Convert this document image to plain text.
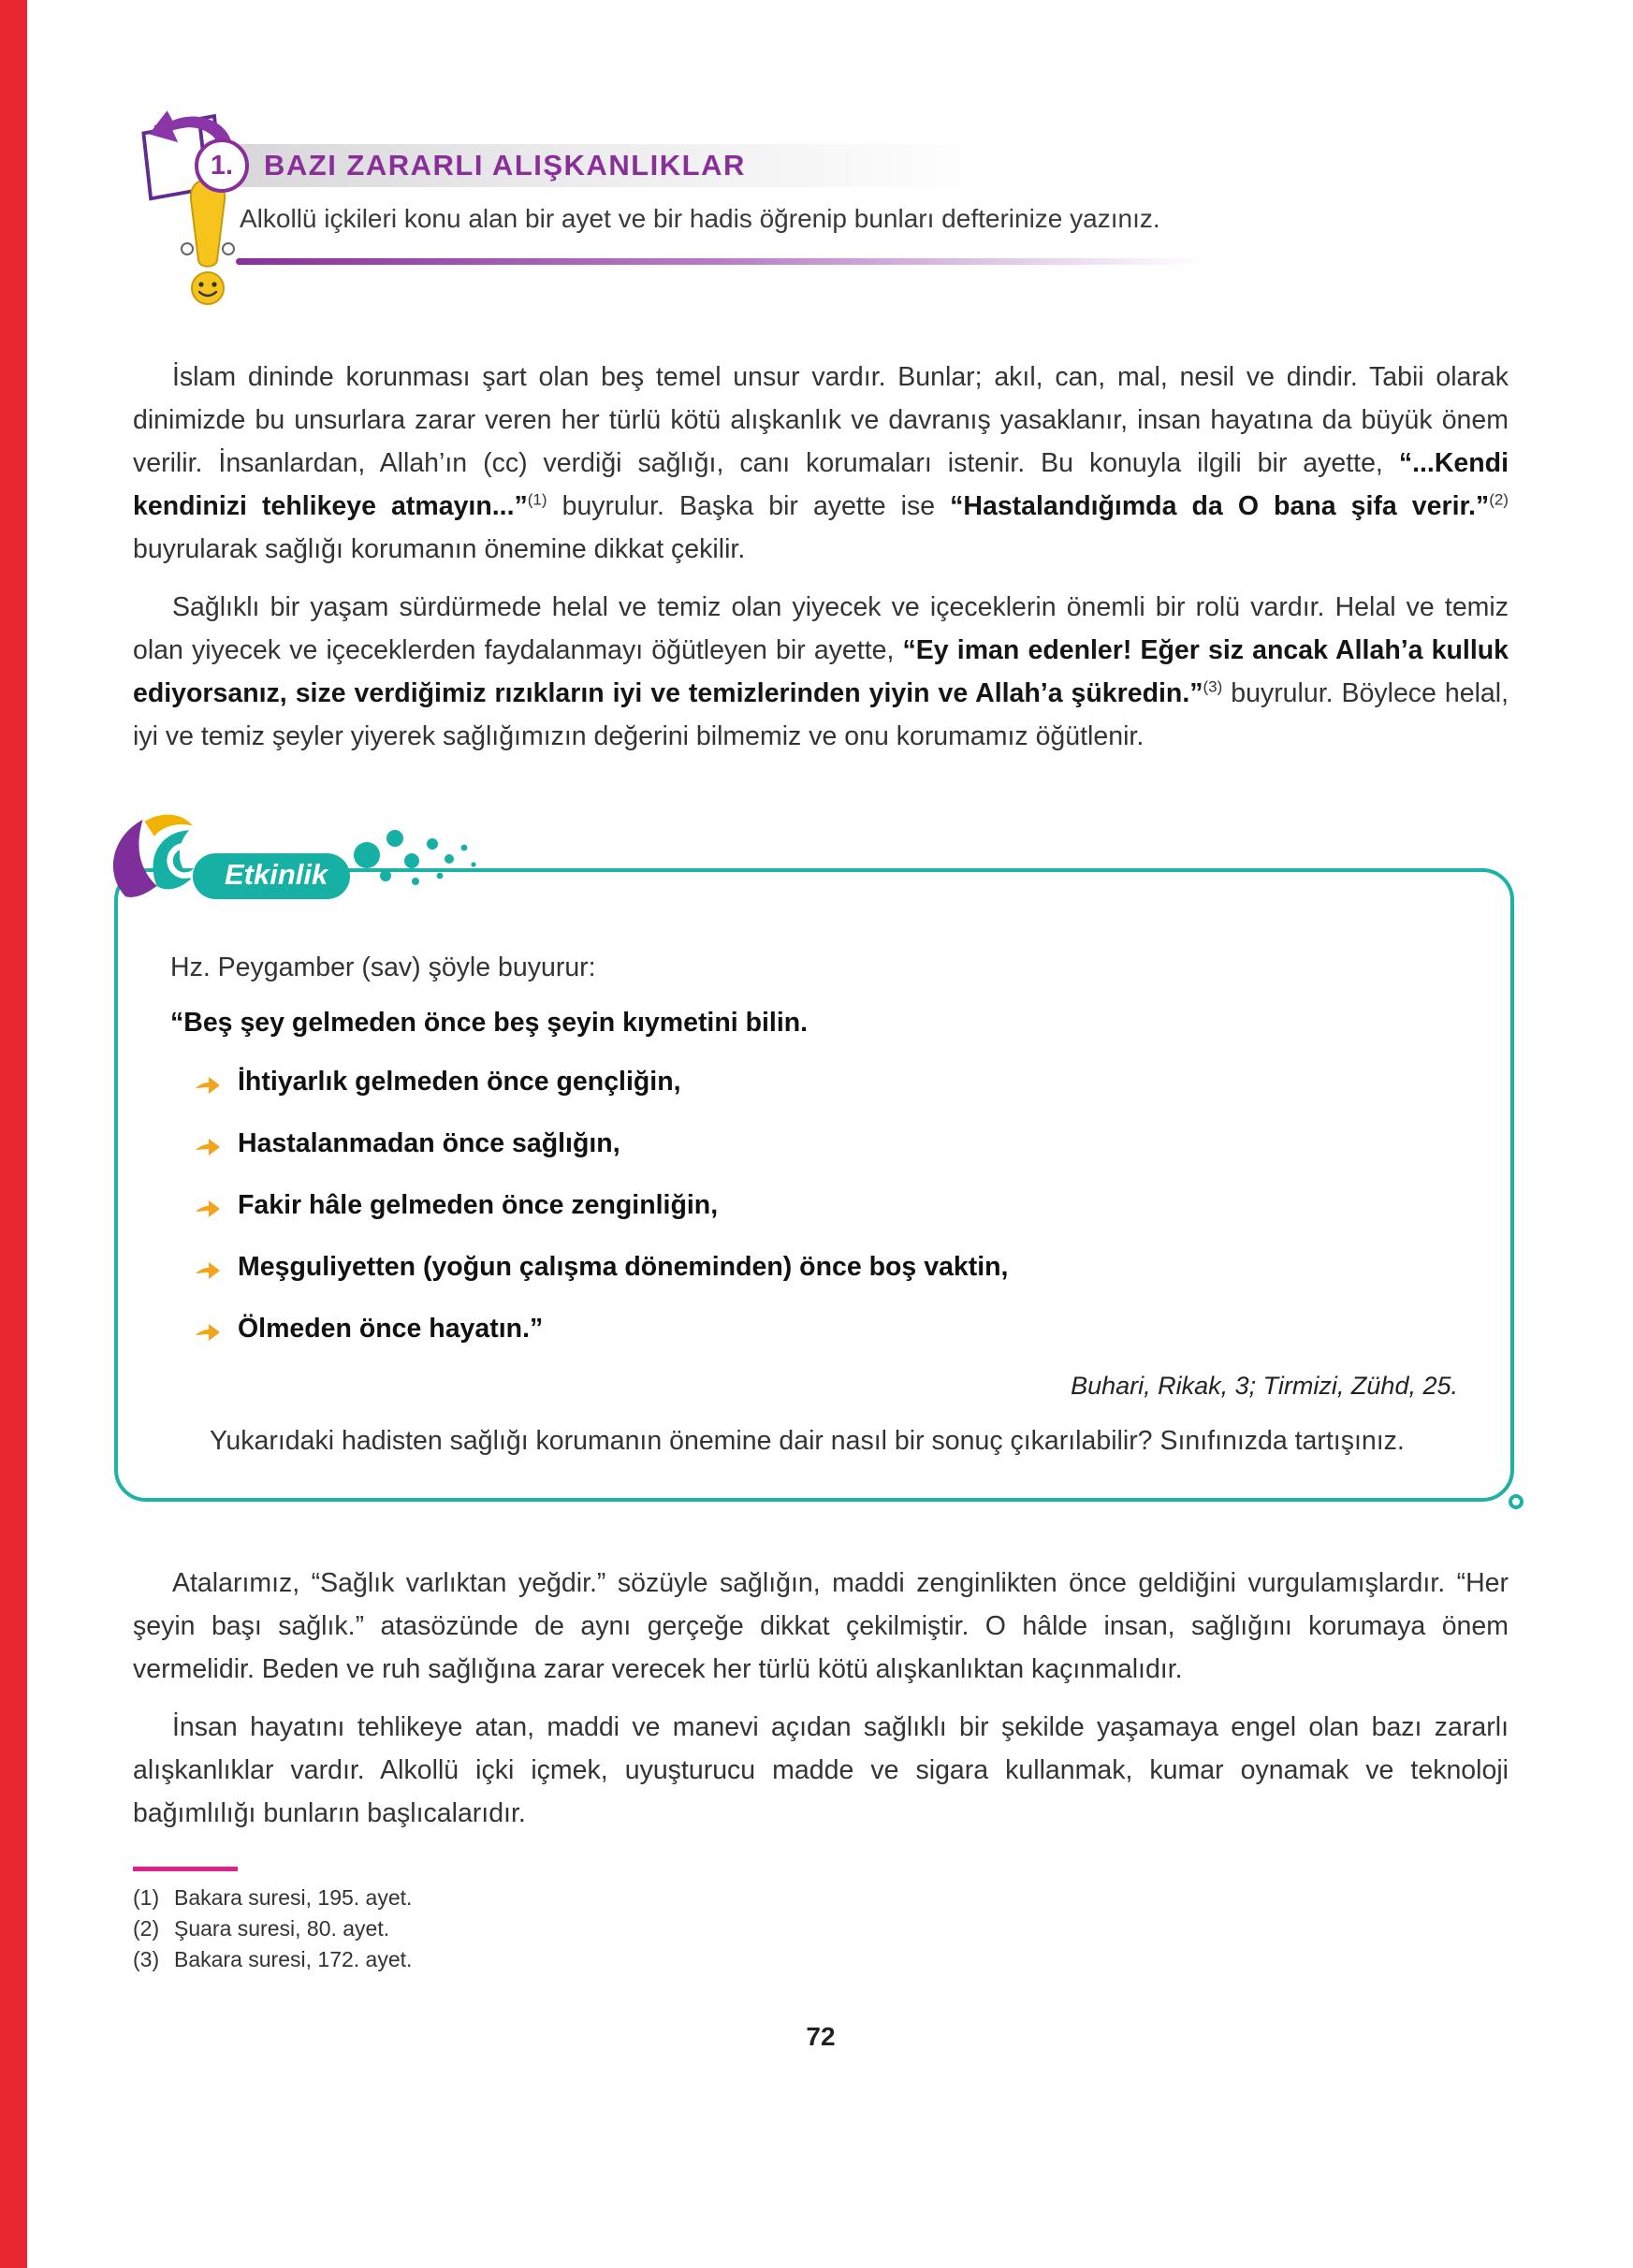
1. BAZI ZARARLI ALIŞKANLIKLAR

Alkollü içkileri konu alan bir ayet ve bir hadis öğrenip bunları defterinize yazınız.

İslam dininde korunması şart olan beş temel unsur vardır. Bunlar; akıl, can, mal, nesil ve dindir. Tabii olarak dinimizde bu unsurlara zarar veren her türlü kötü alışkanlık ve davranış yasaklanır, insan hayatına da büyük önem verilir. İnsanlardan, Allah’ın (cc) verdiği sağlığı, canı korumaları istenir. Bu konuyla ilgili bir ayette, “...Kendi kendinizi tehlikeye atmayın...”$^{(1)}$ buyrulur. Başka bir ayette ise “Hastalandığımda da O bana şifa verir.”$^{(2)}$ buyrularak sağlığı korumanın önemine dikkat çekilir.

Sağlıklı bir yaşam sürdürmede helal ve temiz olan yiyecek ve içeceklerin önemli bir rolü vardır. Helal ve temiz olan yiyecek ve içeceklerden faydalanmayı öğütleyen bir ayette, “Ey iman edenler! Eğer siz ancak Allah’a kulluk ediyorsanız, size verdiğimiz rızıkların iyi ve temizlerinden yiyin ve Allah’a şükredin.”$^{(3)}$ buyrulur. Böylece helal, iyi ve temiz şeyler yiyerek sağlığımızın değerini bilmemiz ve onu korumamız öğütlenir.

Etkinlik

Hz. Peygamber (sav) şöyle buyurur:

“Beş şey gelmeden önce beş şeyin kıymetini bilin.

İhtiyarlık gelmeden önce gençliğin,
Hastalanmadan önce sağlığın,
Fakir hâle gelmeden önce zenginliğin,
Meşguliyetten (yoğun çalışma döneminden) önce boş vaktin,
Ölmeden önce hayatın.”

Buhari, Rikak, 3; Tirmizi, Zühd, 25.

Yukarıdaki hadisten sağlığı korumanın önemine dair nasıl bir sonuç çıkarılabilir? Sınıfınızda tartışınız.

Atalarımız, “Sağlık varlıktan yeğdir.” sözüyle sağlığın, maddi zenginlikten önce geldiğini vurgulamışlardır. “Her şeyin başı sağlık.” atasözünde de aynı gerçeğe dikkat çekilmiştir. O hâlde insan, sağlığını korumaya önem vermelidir. Beden ve ruh sağlığına zarar verecek her türlü kötü alışkanlıktan kaçınmalıdır.

İnsan hayatını tehlikeye atan, maddi ve manevi açıdan sağlıklı bir şekilde yaşamaya engel olan bazı zararlı alışkanlıklar vardır. Alkollü içki içmek, uyuşturucu madde ve sigara kullanmak, kumar oynamak ve teknoloji bağımlılığı bunların başlıcalarıdır.

(1) Bakara suresi, 195. ayet.
(2) Şuara suresi, 80. ayet.
(3) Bakara suresi, 172. ayet.
72
